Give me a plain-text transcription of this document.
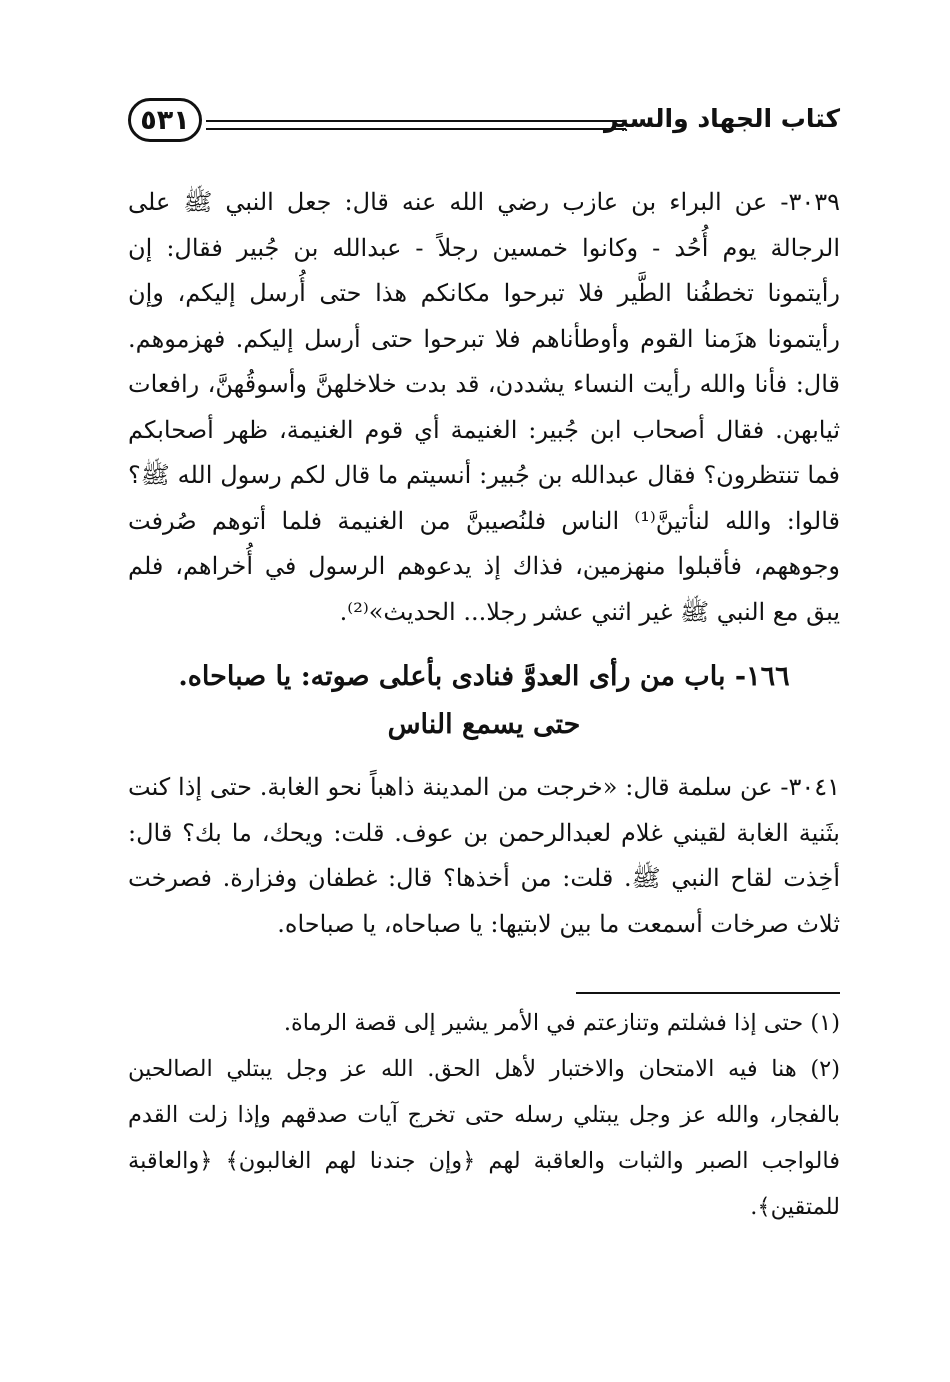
كتاب الجهاد والسير
٥٣١

٣٠٣٩- عن البراء بن عازب رضي الله عنه قال: جعل النبي ﷺ على الرجالة يوم أُحُد - وكانوا خمسين رجلاً - عبدالله بن جُبير فقال: إن رأيتمونا تخطفُنا الطَّير فلا تبرحوا مكانكم هذا حتى أُرسل إليكم، وإن رأيتمونا هزَمنا القوم وأوطأناهم فلا تبرحوا حتى أرسل إليكم. فهزموهم. قال: فأنا والله رأيت النساء يشددن، قد بدت خلاخلهنَّ وأسوقُهنَّ، رافعات ثيابهن. فقال أصحاب ابن جُبير: الغنيمة أي قوم الغنيمة، ظهر أصحابكم فما تنتظرون؟ فقال عبدالله بن جُبير: أنسيتم ما قال لكم رسول الله ﷺ؟ قالوا: والله لنأتينَّ⁽¹⁾ الناس فلنُصيبنَّ من الغنيمة فلما أتوهم صُرفت وجوههم، فأقبلوا منهزمين، فذاك إذ يدعوهم الرسول في أُخراهم، فلم يبق مع النبي ﷺ غير اثني عشر رجلا... الحديث»⁽²⁾.

١٦٦- باب من رأى العدوَّ فنادى بأعلى صوته: يا صباحاه.
حتى يسمع الناس

٣٠٤١- عن سلمة قال: «خرجت من المدينة ذاهباً نحو الغابة. حتى إذا كنت بثَنية الغابة لقيني غلام لعبدالرحمن بن عوف. قلت: ويحك، ما بك؟ قال: أخِذت لقاح النبي ﷺ. قلت: من أخذها؟ قال: غطفان وفزارة. فصرخت ثلاث صرخات أسمعت ما بين لابتيها: يا صباحاه، يا صباحاه.

(١) حتى إذا فشلتم وتنازعتم في الأمر يشير إلى قصة الرماة.

(٢) هنا فيه الامتحان والاختبار لأهل الحق. الله عز وجل يبتلي الصالحين بالفجار، والله عز وجل يبتلي رسله حتى تخرج آيات صدقهم وإذا زلت القدم فالواجب الصبر والثبات والعاقبة لهم ﴿وإن جندنا لهم الغالبون﴾ ﴿والعاقبة للمتقين﴾.
